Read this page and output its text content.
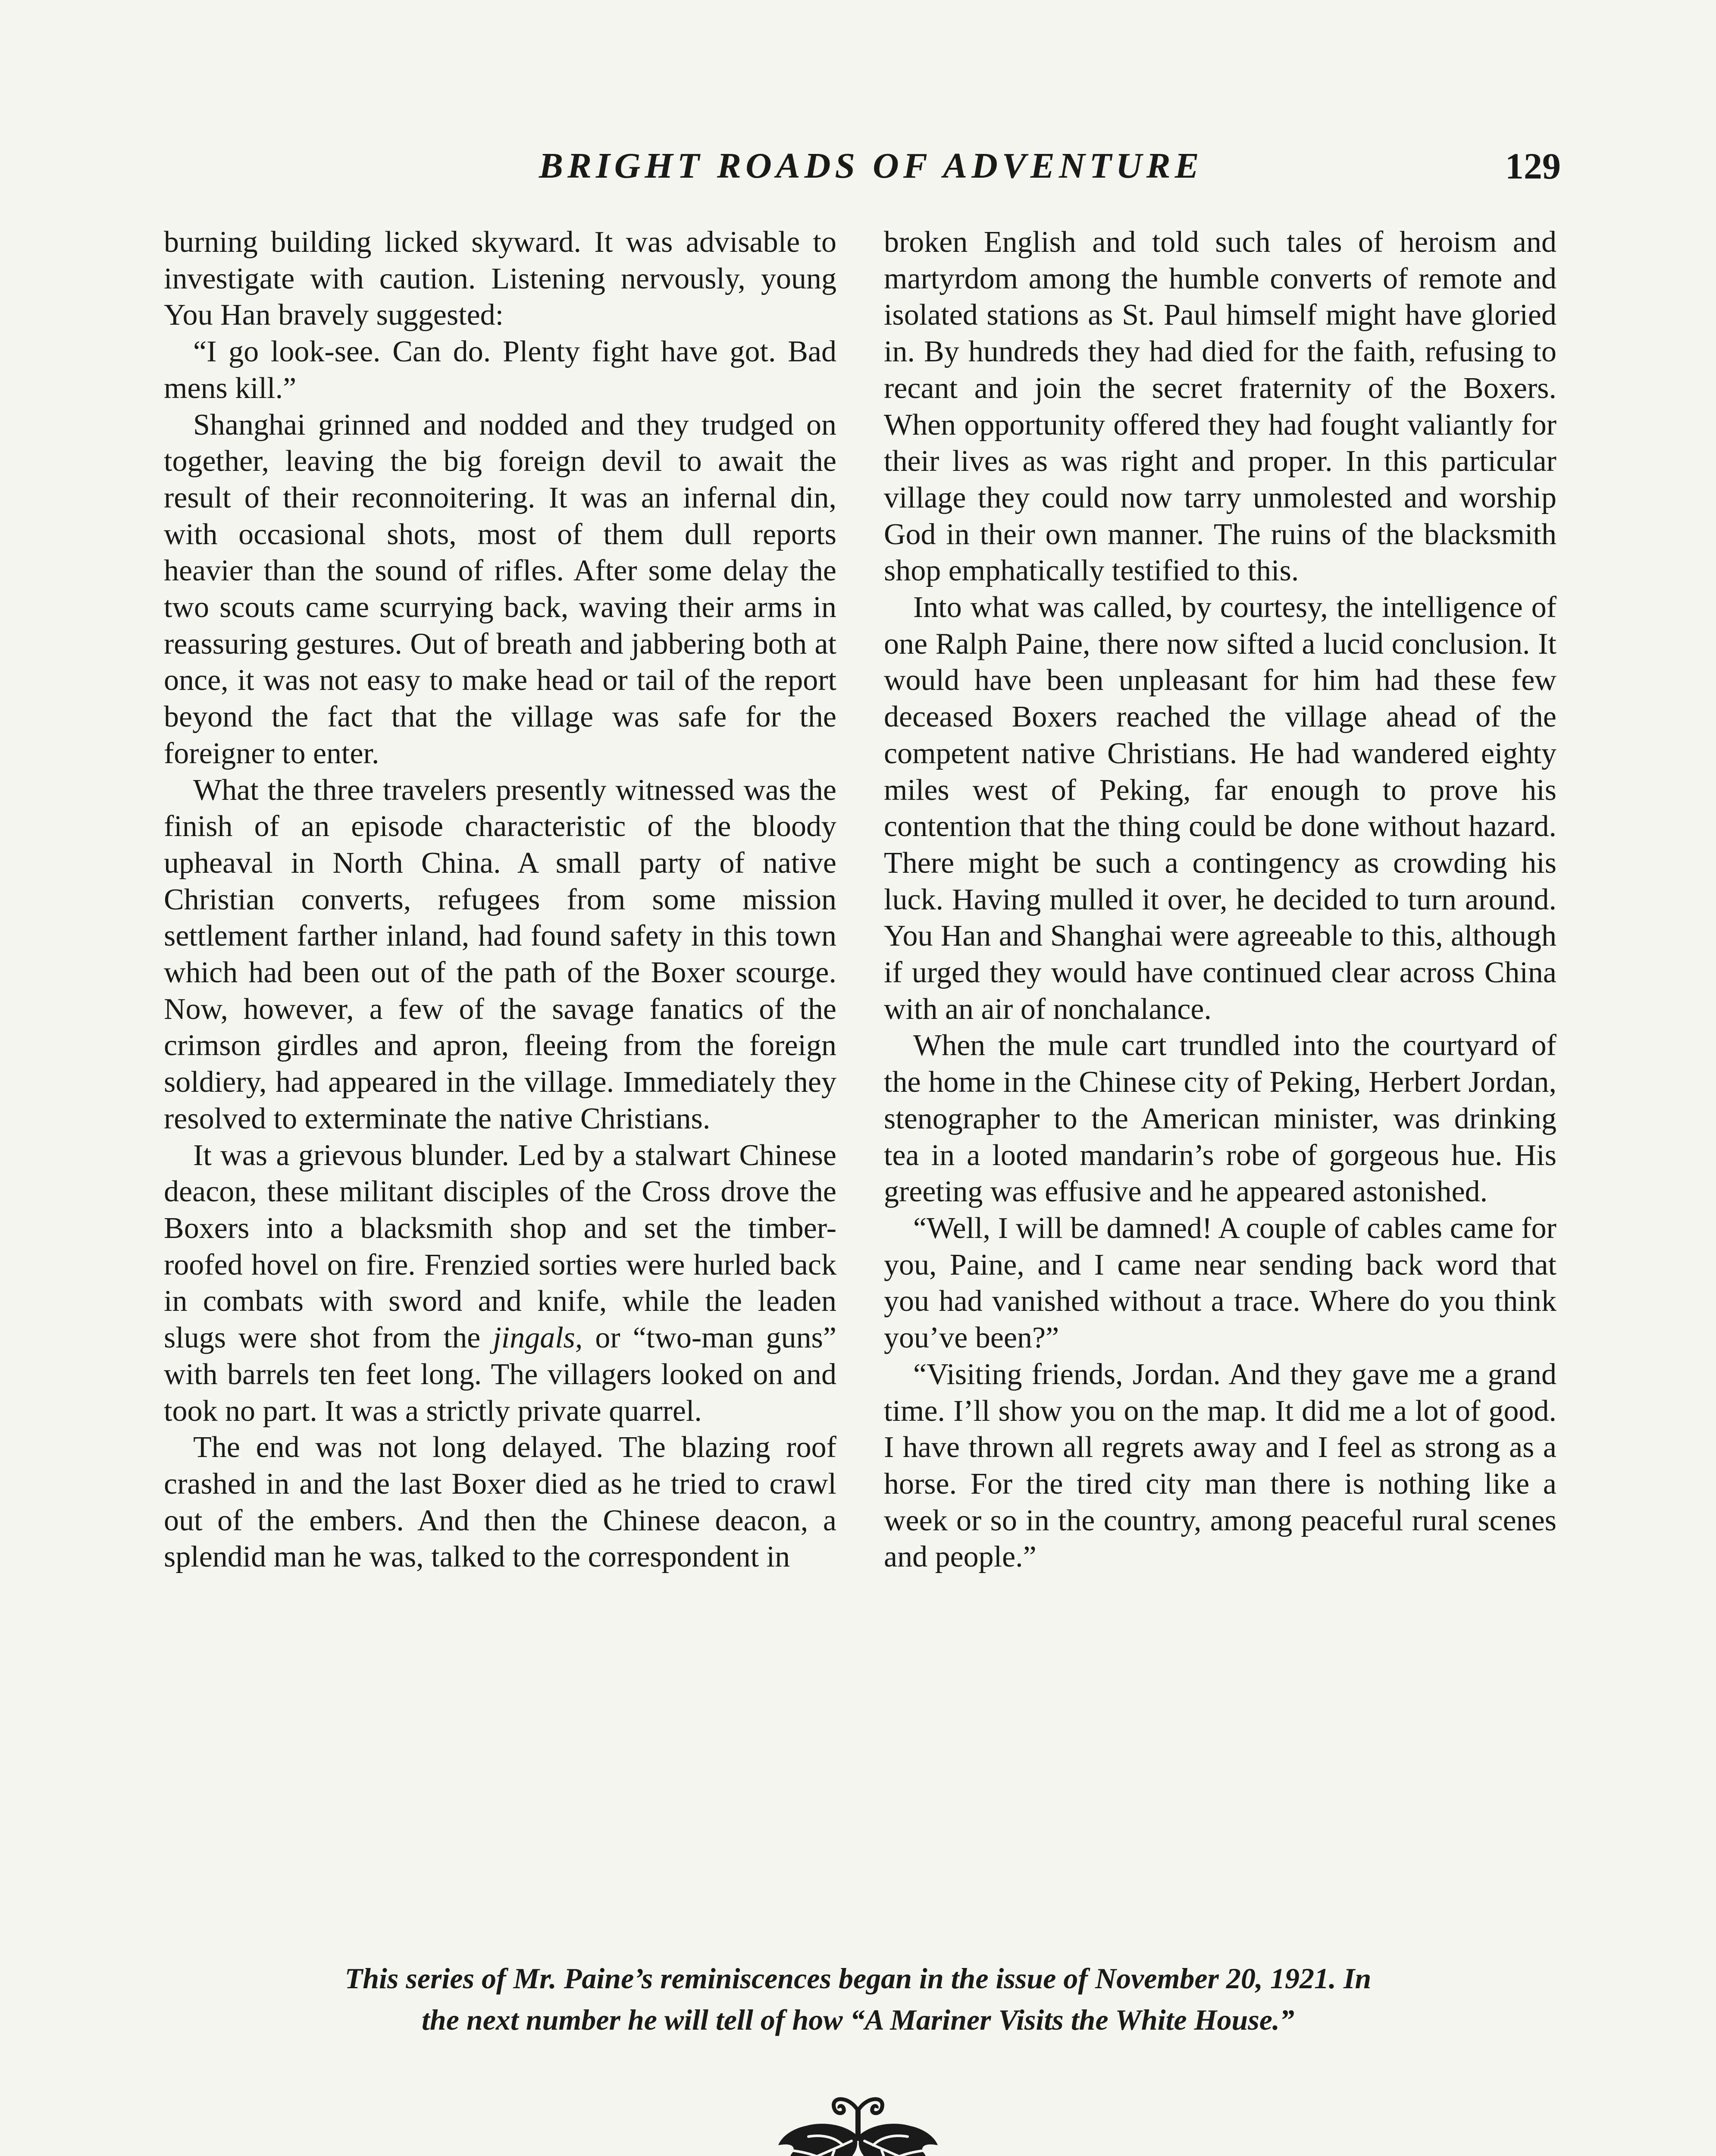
BRIGHT ROADS OF ADVENTURE	129

burning building licked skyward. It was advisable to investigate with caution. Listening nervously, young You Han bravely suggested:

“I go look-see. Can do. Plenty fight have got. Bad mens kill.”

Shanghai grinned and nodded and they trudged on together, leaving the big foreign devil to await the result of their reconnoitering. It was an infernal din, with occasional shots, most of them dull reports heavier than the sound of rifles. After some delay the two scouts came scurrying back, waving their arms in reassuring gestures. Out of breath and jabbering both at once, it was not easy to make head or tail of the report beyond the fact that the village was safe for the foreigner to enter.

What the three travelers presently witnessed was the finish of an episode characteristic of the bloody upheaval in North China. A small party of native Christian converts, refugees from some mission settlement farther inland, had found safety in this town which had been out of the path of the Boxer scourge. Now, however, a few of the savage fanatics of the crimson girdles and apron, fleeing from the foreign soldiery, had appeared in the village. Immediately they resolved to exterminate the native Christians.

It was a grievous blunder. Led by a stalwart Chinese deacon, these militant disciples of the Cross drove the Boxers into a blacksmith shop and set the timber-roofed hovel on fire. Frenzied sorties were hurled back in combats with sword and knife, while the leaden slugs were shot from the jingals, or “two-man guns” with barrels ten feet long. The villagers looked on and took no part. It was a strictly private quarrel.

The end was not long delayed. The blazing roof crashed in and the last Boxer died as he tried to crawl out of the embers. And then the Chinese deacon, a splendid man he was, talked to the correspondent in

broken English and told such tales of heroism and martyrdom among the humble converts of remote and isolated stations as St. Paul himself might have gloried in. By hundreds they had died for the faith, refusing to recant and join the secret fraternity of the Boxers. When opportunity offered they had fought valiantly for their lives as was right and proper. In this particular village they could now tarry unmolested and worship God in their own manner. The ruins of the blacksmith shop emphatically testified to this.

Into what was called, by courtesy, the intelligence of one Ralph Paine, there now sifted a lucid conclusion. It would have been unpleasant for him had these few deceased Boxers reached the village ahead of the competent native Christians. He had wandered eighty miles west of Peking, far enough to prove his contention that the thing could be done without hazard. There might be such a contingency as crowding his luck. Having mulled it over, he decided to turn around. You Han and Shanghai were agreeable to this, although if urged they would have continued clear across China with an air of nonchalance.

When the mule cart trundled into the courtyard of the home in the Chinese city of Peking, Herbert Jordan, stenographer to the American minister, was drinking tea in a looted mandarin’s robe of gorgeous hue. His greeting was effusive and he appeared astonished.

“Well, I will be damned! A couple of cables came for you, Paine, and I came near sending back word that you had vanished without a trace. Where do you think you’ve been?”

“Visiting friends, Jordan. And they gave me a grand time. I’ll show you on the map. It did me a lot of good. I have thrown all regrets away and I feel as strong as a horse. For the tired city man there is nothing like a week or so in the country, among peaceful rural scenes and people.”

This series of Mr. Paine’s reminiscences began in the issue of November 20, 1921. In
the next number he will tell of how “A Mariner Visits the White House.”
